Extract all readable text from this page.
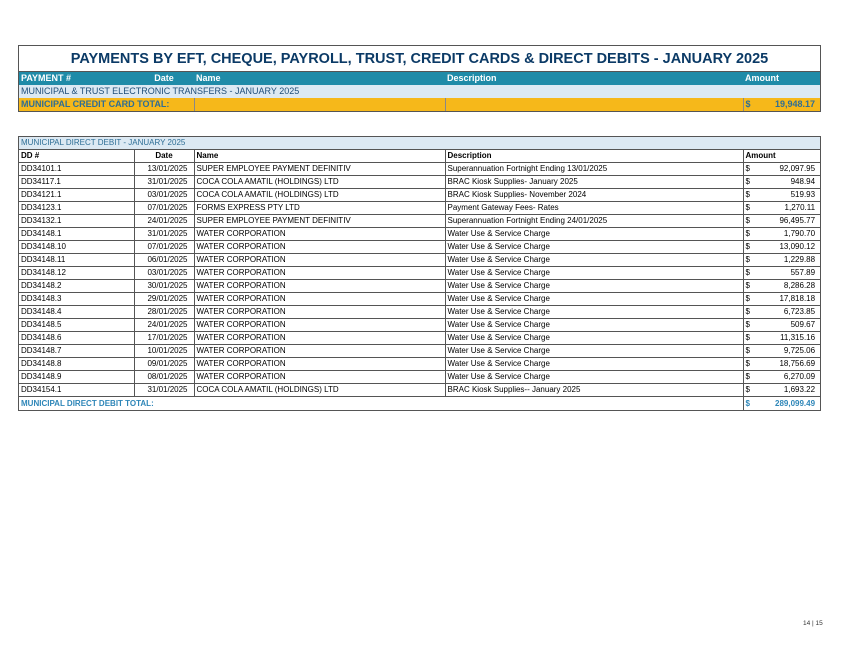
PAYMENTS BY EFT, CHEQUE, PAYROLL, TRUST, CREDIT CARDS & DIRECT DEBITS - JANUARY 2025
PAYMENT #	Date	Name	Description	Amount
MUNICIPAL & TRUST ELECTRONIC TRANSFERS - JANUARY 2025				
MUNICIPAL CREDIT CARD TOTAL:				$ 19,948.17
MUNICIPAL DIRECT DEBIT - JANUARY 2025				
DD #	Date	Name	Description	Amount
DD34101.1	13/01/2025	SUPER EMPLOYEE PAYMENT DEFINITIV	Superannuation Fortnight Ending 13/01/2025	$ 92,097.95

DD34117.1	31/01/2025	COCA COLA AMATIL (HOLDINGS) LTD	BRAC Kiosk Supplies- January 2025	$ 948.94

DD34121.1	03/01/2025	COCA COLA AMATIL (HOLDINGS) LTD	BRAC Kiosk Supplies- November 2024	$ 519.93

DD34123.1	07/01/2025	FORMS EXPRESS PTY LTD	Payment Gateway Fees- Rates	$ 1,270.11

DD34132.1	24/01/2025	SUPER EMPLOYEE PAYMENT DEFINITIV	Superannuation Fortnight Ending 24/01/2025	$ 96,495.77

DD34148.1	31/01/2025	WATER CORPORATION	Water Use & Service Charge	$ 1,790.70

DD34148.10	07/01/2025	WATER CORPORATION	Water Use & Service Charge	$ 13,090.12

DD34148.11	06/01/2025	WATER CORPORATION	Water Use & Service Charge	$ 1,229.88

DD34148.12	03/01/2025	WATER CORPORATION	Water Use & Service Charge	$ 557.89

DD34148.2	30/01/2025	WATER CORPORATION	Water Use & Service Charge	$ 8,286.28

DD34148.3	29/01/2025	WATER CORPORATION	Water Use & Service Charge	$ 17,818.18

DD34148.4	28/01/2025	WATER CORPORATION	Water Use & Service Charge	$ 6,723.85

DD34148.5	24/01/2025	WATER CORPORATION	Water Use & Service Charge	$ 509.67

DD34148.6	17/01/2025	WATER CORPORATION	Water Use & Service Charge	$ 11,315.16

DD34148.7	10/01/2025	WATER CORPORATION	Water Use & Service Charge	$ 9,725.06

DD34148.8	09/01/2025	WATER CORPORATION	Water Use & Service Charge	$ 18,756.69

DD34148.9	08/01/2025	WATER CORPORATION	Water Use & Service Charge	$ 6,270.09

DD34154.1	31/01/2025	COCA COLA AMATIL (HOLDINGS) LTD	BRAC Kiosk Supplies-- January 2025	$ 1,693.22

MUNICIPAL DIRECT DEBIT TOTAL:				$ 289,099.49
14 | 15
